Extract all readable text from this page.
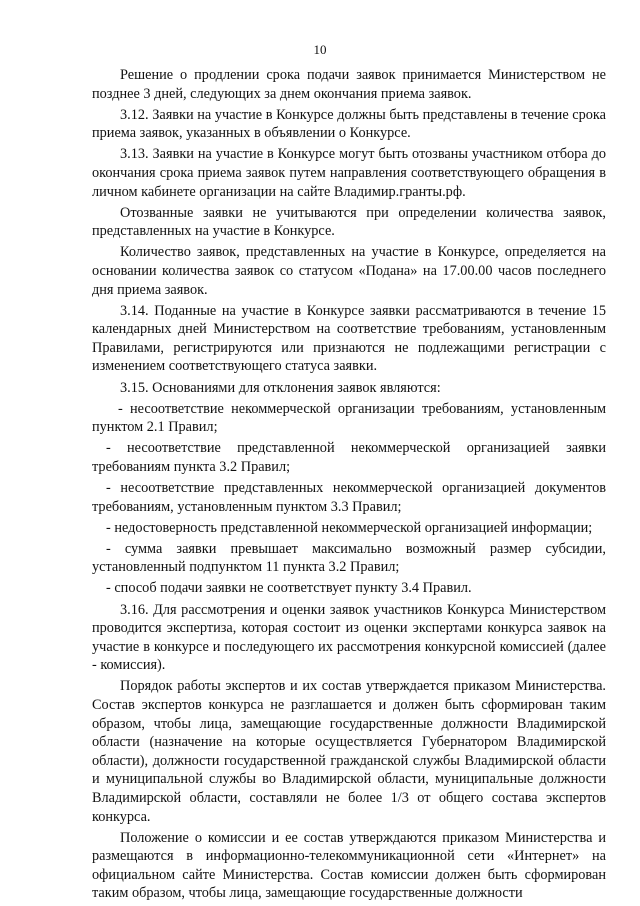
10

Решение о продлении срока подачи заявок принимается Министерством не позднее 3 дней, следующих за днем окончания приема заявок.

3.12. Заявки на участие в Конкурсе должны быть представлены в течение срока приема заявок, указанных в объявлении о Конкурсе.

3.13. Заявки на участие в Конкурсе могут быть отозваны участником отбора до окончания срока приема заявок путем направления соответствующего обращения в личном кабинете организации на сайте Владимир.гранты.рф.

Отозванные заявки не учитываются при определении количества заявок, представленных на участие в Конкурсе.

Количество заявок, представленных на участие в Конкурсе, определяется на основании количества заявок со статусом «Подана» на 17.00.00 часов последнего дня приема заявок.

3.14. Поданные на участие в Конкурсе заявки рассматриваются в течение 15 календарных дней Министерством на соответствие требованиям, установленным Правилами, регистрируются или признаются не подлежащими регистрации с изменением соответствующего статуса заявки.

3.15. Основаниями для отклонения заявок являются:

- несоответствие некоммерческой организации требованиям, установленным пунктом 2.1 Правил;

- несоответствие представленной некоммерческой организацией заявки требованиям пункта 3.2 Правил;

- несоответствие представленных некоммерческой организацией документов требованиям, установленным пунктом 3.3 Правил;

- недостоверность представленной некоммерческой организацией информации;

- сумма заявки превышает максимально возможный размер субсидии, установленный подпунктом 11 пункта 3.2 Правил;

- способ подачи заявки не соответствует пункту 3.4 Правил.

3.16. Для рассмотрения и оценки заявок участников Конкурса Министерством проводится экспертиза, которая состоит из оценки экспертами конкурса заявок на участие в конкурсе и последующего их рассмотрения конкурсной комиссией (далее - комиссия).

Порядок работы экспертов и их состав утверждается приказом Министерства. Состав экспертов конкурса не разглашается и должен быть сформирован таким образом, чтобы лица, замещающие государственные должности Владимирской области (назначение на которые осуществляется Губернатором Владимирской области), должности государственной гражданской службы Владимирской области и муниципальной службы во Владимирской области, муниципальные должности Владимирской области, составляли не более 1/3 от общего состава экспертов конкурса.

Положение о комиссии и ее состав утверждаются приказом Министерства и размещаются в информационно-телекоммуникационной сети «Интернет» на официальном сайте Министерства. Состав комиссии должен быть сформирован таким образом, чтобы лица, замещающие государственные должности
